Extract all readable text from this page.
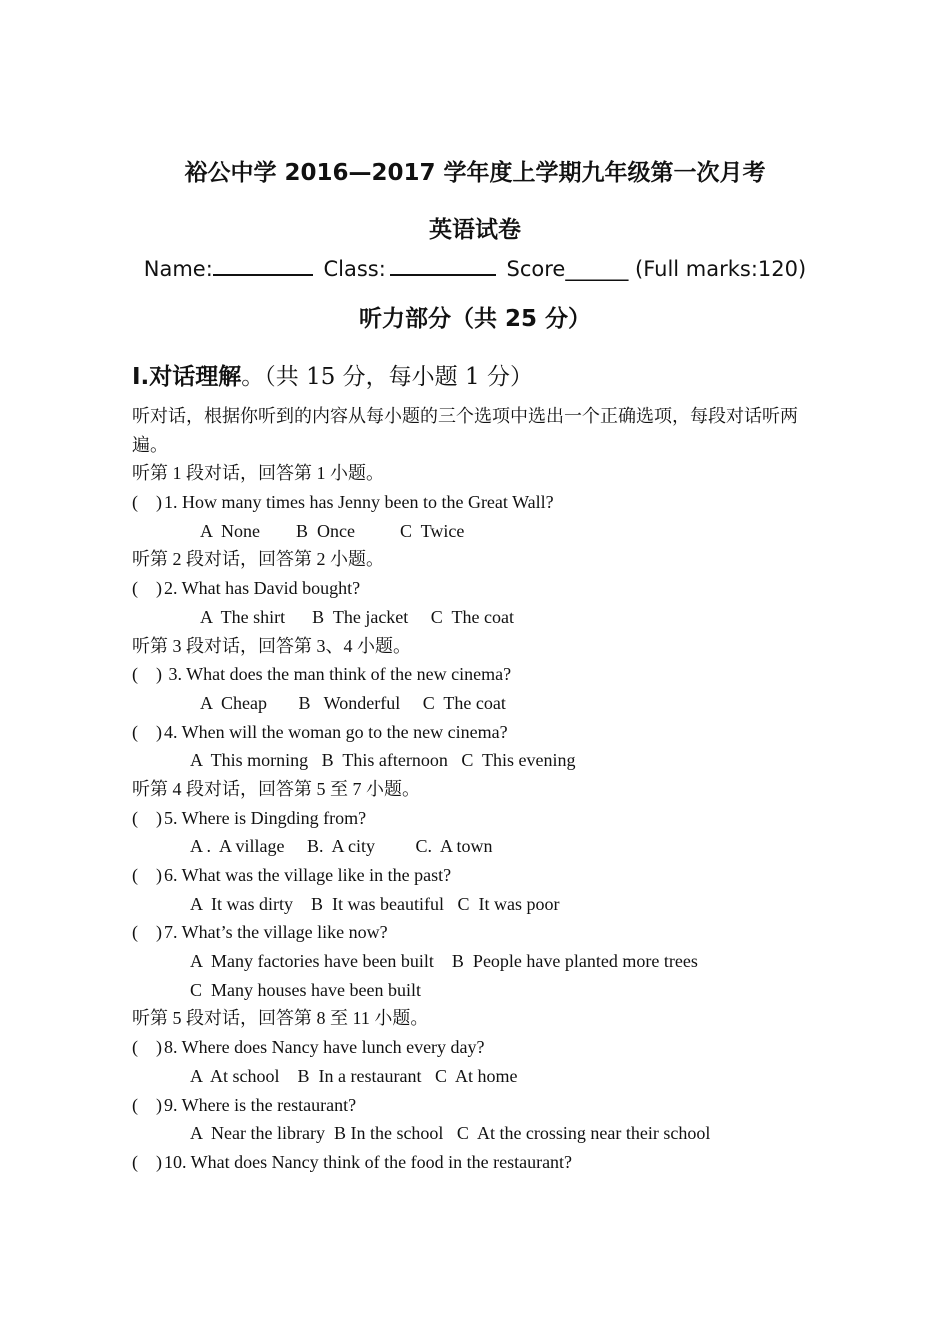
裕公中学 2016—2017 学年度上学期九年级第一次月考
英语试卷
Name:	Class:	Score______ (Full marks:120)
听力部分（共 25 分）
Ⅰ.对话理解。（共 15 分，每小题 1 分）
听对话，根据你听到的内容从每小题的三个选项中选出一个正确选项，每段对话听两遍。
听第 1 段对话，回答第 1 小题。
(    ) 1. How many times has Jenny been to the Great Wall?
A  None        B  Once          C  Twice
听第 2 段对话，回答第 2 小题。
(    ) 2. What has David bought?
A  The shirt      B  The jacket     C  The coat
听第 3 段对话，回答第 3、4 小题。
(    ) 3. What does the man think of the new cinema?
A  Cheap       B   Wonderful     C  The coat
(    ) 4. When will the woman go to the new cinema?
A  This morning   B  This afternoon   C  This evening
听第 4 段对话，回答第 5 至 7 小题。
(    ) 5. Where is Dingding from?
A .  A village     B.  A city         C.  A town
(    ) 6. What was the village like in the past?
A  It was dirty    B  It was beautiful   C  It was poor
(    ) 7. What’s the village like now?
A  Many factories have been built    B  People have planted more trees
C  Many houses have been built
听第 5 段对话，回答第 8 至 11 小题。
(    ) 8. Where does Nancy have lunch every day?
A  At school    B  In a restaurant   C  At home
(    ) 9. Where is the restaurant?
A  Near the library  B In the school   C  At the crossing near their school
(    ) 10. What does Nancy think of the food in the restaurant?
